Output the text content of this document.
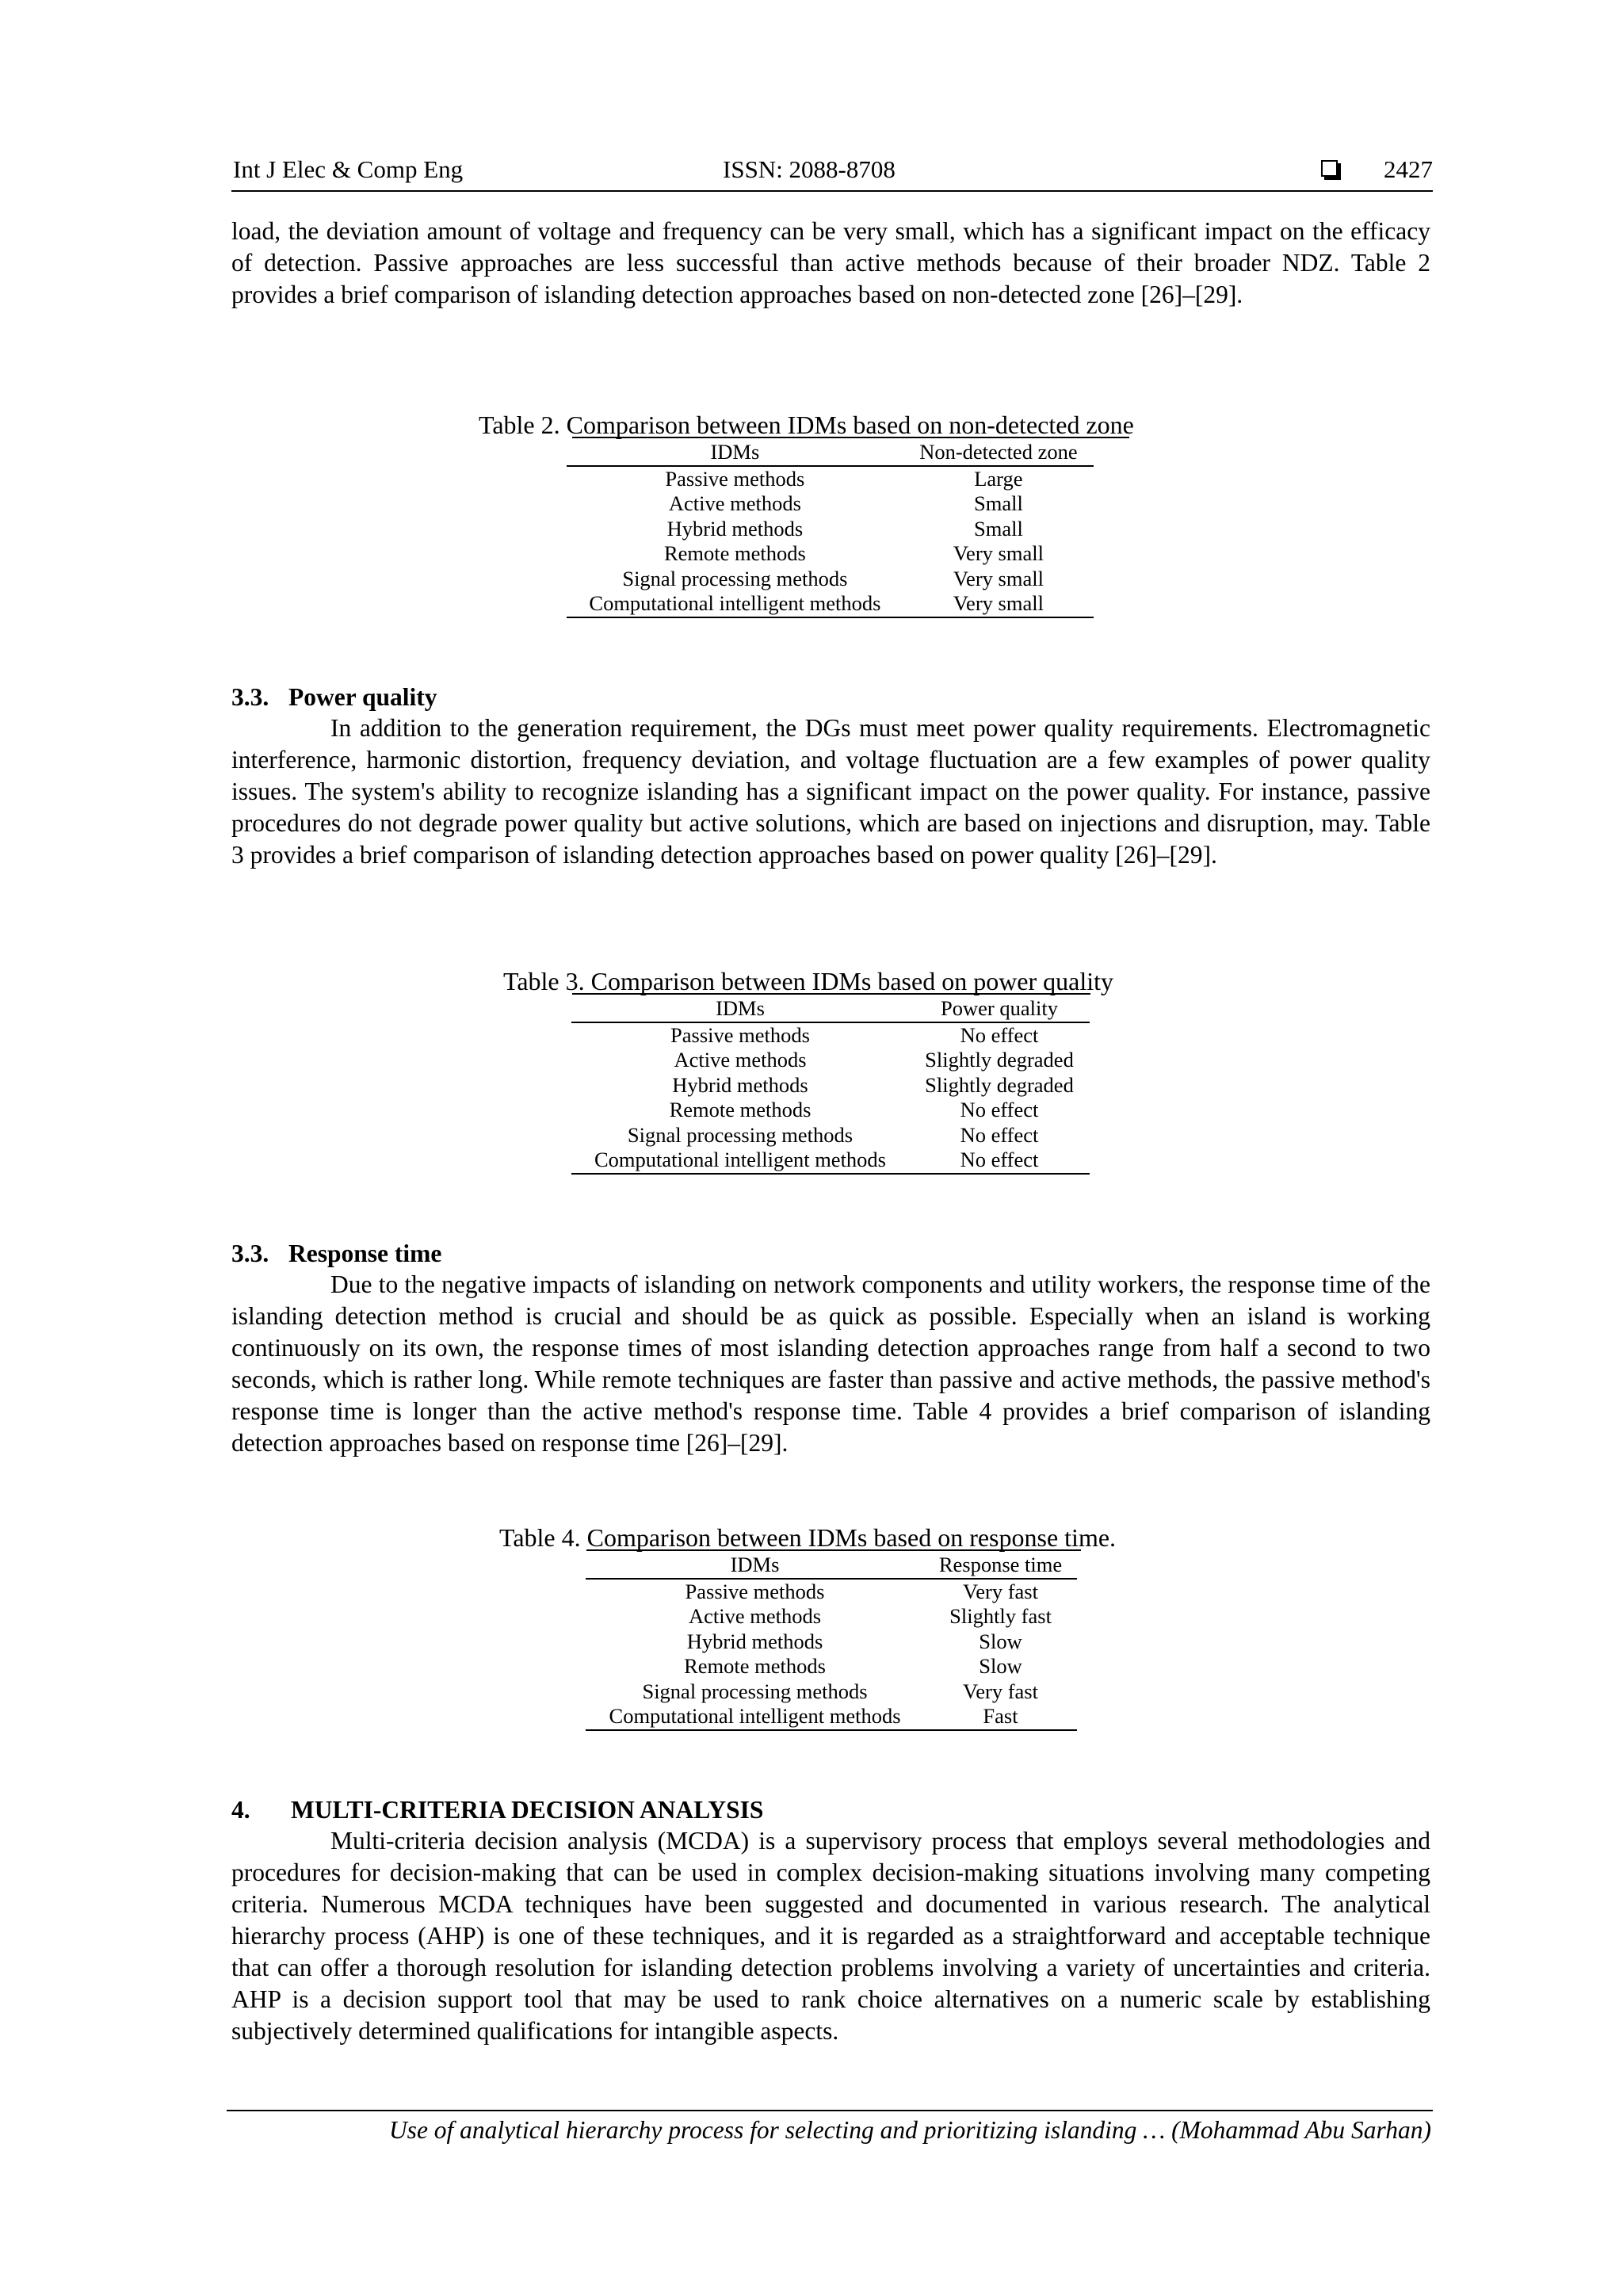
Int J Elec & Comp Eng	ISSN: 2088-8708	2427

load, the deviation amount of voltage and frequency can be very small, which has a significant impact on the efficacy of detection. Passive approaches are less successful than active methods because of their broader NDZ. Table 2 provides a brief comparison of islanding detection approaches based on non-detected zone [26]–[29].

Table 2. Comparison between IDMs based on non-detected zone
IDMs	Non-detected zone
Passive methods	Large
Active methods	Small
Hybrid methods	Small
Remote methods	Very small
Signal processing methods	Very small
Computational intelligent methods	Very small

3.3. Power quality

In addition to the generation requirement, the DGs must meet power quality requirements. Electromagnetic interference, harmonic distortion, frequency deviation, and voltage fluctuation are a few examples of power quality issues. The system's ability to recognize islanding has a significant impact on the power quality. For instance, passive procedures do not degrade power quality but active solutions, which are based on injections and disruption, may. Table 3 provides a brief comparison of islanding detection approaches based on power quality [26]–[29].

Table 3. Comparison between IDMs based on power quality
IDMs	Power quality
Passive methods	No effect
Active methods	Slightly degraded
Hybrid methods	Slightly degraded
Remote methods	No effect
Signal processing methods	No effect
Computational intelligent methods	No effect

3.3. Response time

Due to the negative impacts of islanding on network components and utility workers, the response time of the islanding detection method is crucial and should be as quick as possible. Especially when an island is working continuously on its own, the response times of most islanding detection approaches range from half a second to two seconds, which is rather long. While remote techniques are faster than passive and active methods, the passive method's response time is longer than the active method's response time. Table 4 provides a brief comparison of islanding detection approaches based on response time [26]–[29].

Table 4. Comparison between IDMs based on response time.
IDMs	Response time
Passive methods	Very fast
Active methods	Slightly fast
Hybrid methods	Slow
Remote methods	Slow
Signal processing methods	Very fast
Computational intelligent methods	Fast

4. MULTI-CRITERIA DECISION ANALYSIS

Multi-criteria decision analysis (MCDA) is a supervisory process that employs several methodologies and procedures for decision-making that can be used in complex decision-making situations involving many competing criteria. Numerous MCDA techniques have been suggested and documented in various research. The analytical hierarchy process (AHP) is one of these techniques, and it is regarded as a straightforward and acceptable technique that can offer a thorough resolution for islanding detection problems involving a variety of uncertainties and criteria. AHP is a decision support tool that may be used to rank choice alternatives on a numeric scale by establishing subjectively determined qualifications for intangible aspects.

Use of analytical hierarchy process for selecting and prioritizing islanding … (Mohammad Abu Sarhan)
